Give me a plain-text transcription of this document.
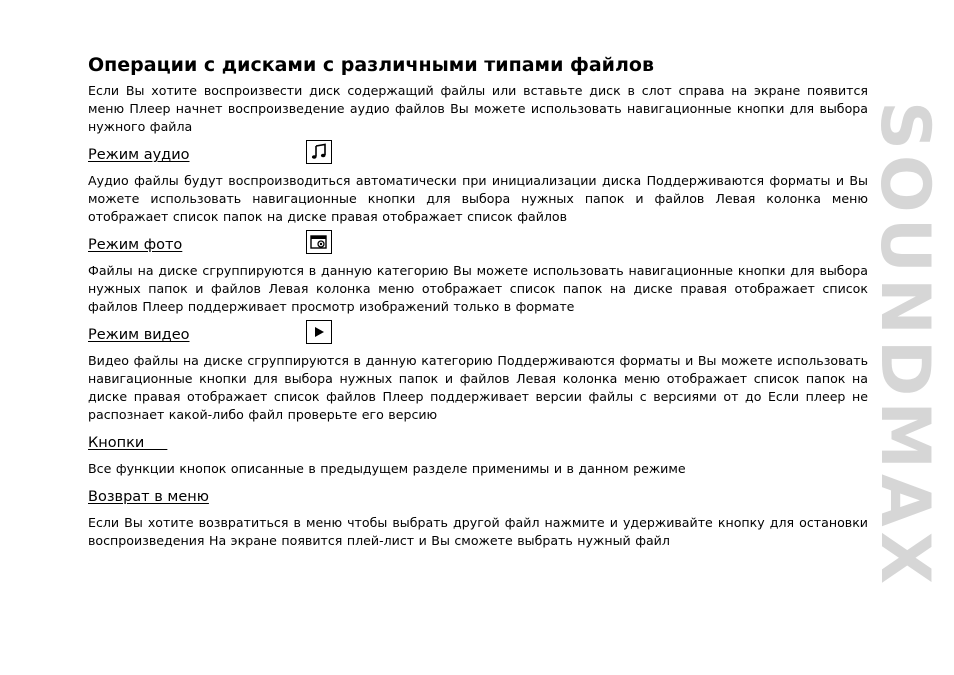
Операции с дисками с различными типами файлов

Если Вы хотите воспроизвести диск содержащий файлы или вставьте диск в слот справа на экране появится меню Плеер начнет воспроизведение аудио файлов Вы можете использовать навигационные кнопки для выбора нужного файла

Режим аудио

Аудио файлы будут воспроизводиться автоматически при инициализации диска Поддерживаются форматы и Вы можете использовать навигационные кнопки для выбора нужных папок и файлов Левая колонка меню отображает список папок на диске правая отображает список файлов

Режим фото

Файлы на диске сгруппируются в данную категорию Вы можете использовать навигационные кнопки для выбора нужных папок и файлов Левая колонка меню отображает список папок на диске правая отображает список файлов Плеер поддерживает просмотр изображений только в формате

Режим видео

Видео файлы на диске сгруппируются в данную категорию Поддерживаются форматы и Вы можете использовать навигационные кнопки для выбора нужных папок и файлов Левая колонка меню отображает список папок на диске правая отображает список файлов Плеер поддерживает версии файлы с версиями от до Если плеер не распознает какой-либо файл проверьте его версию

Кнопки

Все функции кнопок описанные в предыдущем разделе применимы и в данном режиме

Возврат в меню

Если Вы хотите возвратиться в меню чтобы выбрать другой файл нажмите и удерживайте кнопку для остановки воспроизведения На экране появится плей-лист и Вы сможете выбрать нужный файл	SOUNDMAX
